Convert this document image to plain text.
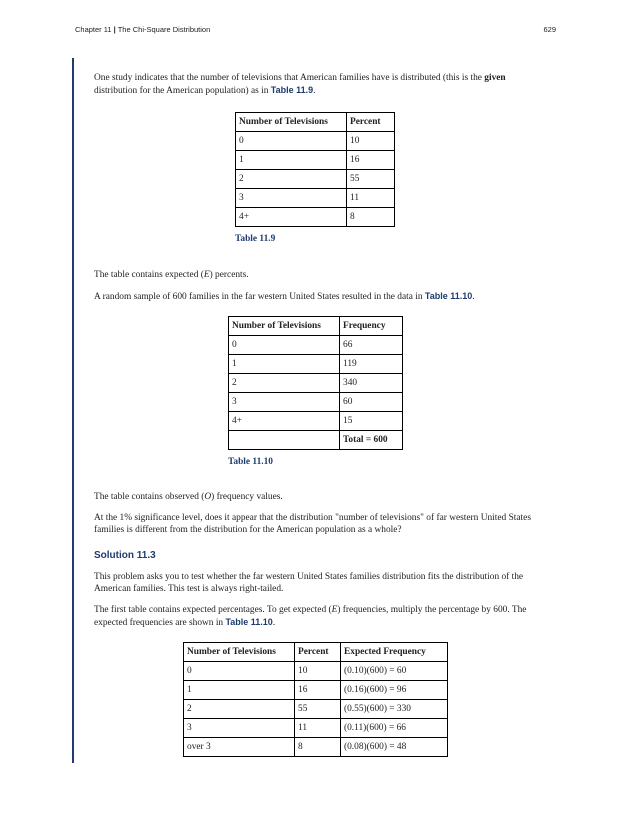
Chapter 11 | The Chi-Square Distribution	629

One study indicates that the number of televisions that American families have is distributed (this is the given distribution for the American population) as in Table 11.9.

Number of Televisions	Percent
0	10
1	16
2	55
3	11
4+	8
Table 11.9

The table contains expected (E) percents.

A random sample of 600 families in the far western United States resulted in the data in Table 11.10.

Number of Televisions	Frequency
0	66
1	119
2	340
3	60
4+	15
	Total = 600
Table 11.10

The table contains observed (O) frequency values.

At the 1% significance level, does it appear that the distribution "number of televisions" of far western United States families is different from the distribution for the American population as a whole?

Solution 11.3

This problem asks you to test whether the far western United States families distribution fits the distribution of the American families. This test is always right-tailed.

The first table contains expected percentages. To get expected (E) frequencies, multiply the percentage by 600. The expected frequencies are shown in Table 11.10.

Number of Televisions	Percent	Expected Frequency
0	10	(0.10)(600) = 60
1	16	(0.16)(600) = 96
2	55	(0.55)(600) = 330
3	11	(0.11)(600) = 66
over 3	8	(0.08)(600) = 48
